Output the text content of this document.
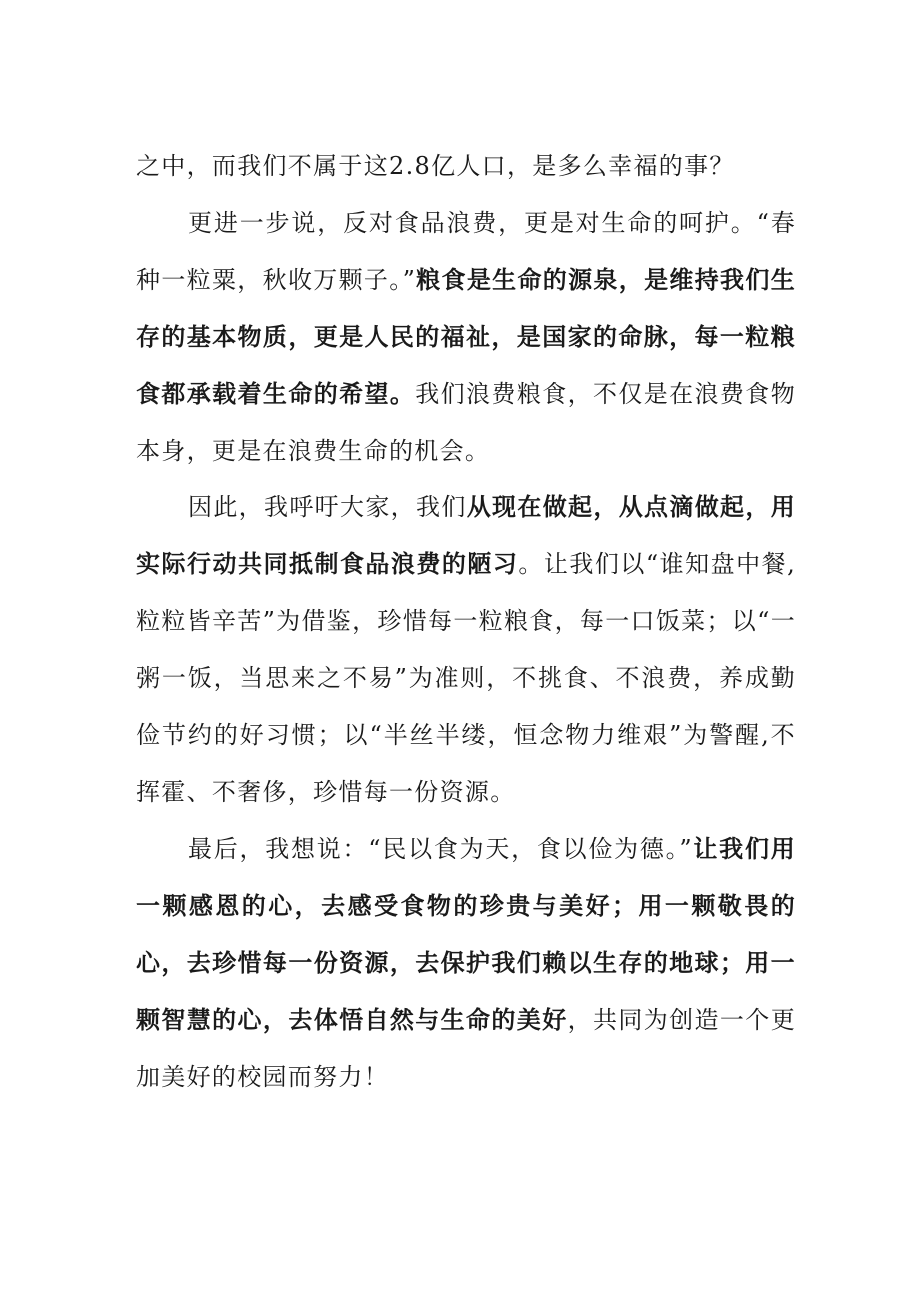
之中，而我们不属于这2.8亿人口，是多么幸福的事？

更进一步说，反对食品浪费，更是对生命的呵护。“春种一粒粟，秋收万颗子。”粮食是生命的源泉，是维持我们生存的基本物质，更是人民的福祉，是国家的命脉，每一粒粮食都承载着生命的希望。我们浪费粮食，不仅是在浪费食物本身，更是在浪费生命的机会。

因此，我呼吁大家，我们从现在做起，从点滴做起，用实际行动共同抵制食品浪费的陋习。让我们以“谁知盘中餐,粒粒皆辛苦”为借鉴，珍惜每一粒粮食，每一口饭菜；以“一粥一饭，当思来之不易”为准则，不挑食、不浪费，养成勤俭节约的好习惯；以“半丝半缕，恒念物力维艰”为警醒,不挥霍、不奢侈，珍惜每一份资源。

最后，我想说：“民以食为天，食以俭为德。”让我们用一颗感恩的心，去感受食物的珍贵与美好；用一颗敬畏的心，去珍惜每一份资源，去保护我们赖以生存的地球；用一颗智慧的心，去体悟自然与生命的美好，共同为创造一个更加美好的校园而努力！
